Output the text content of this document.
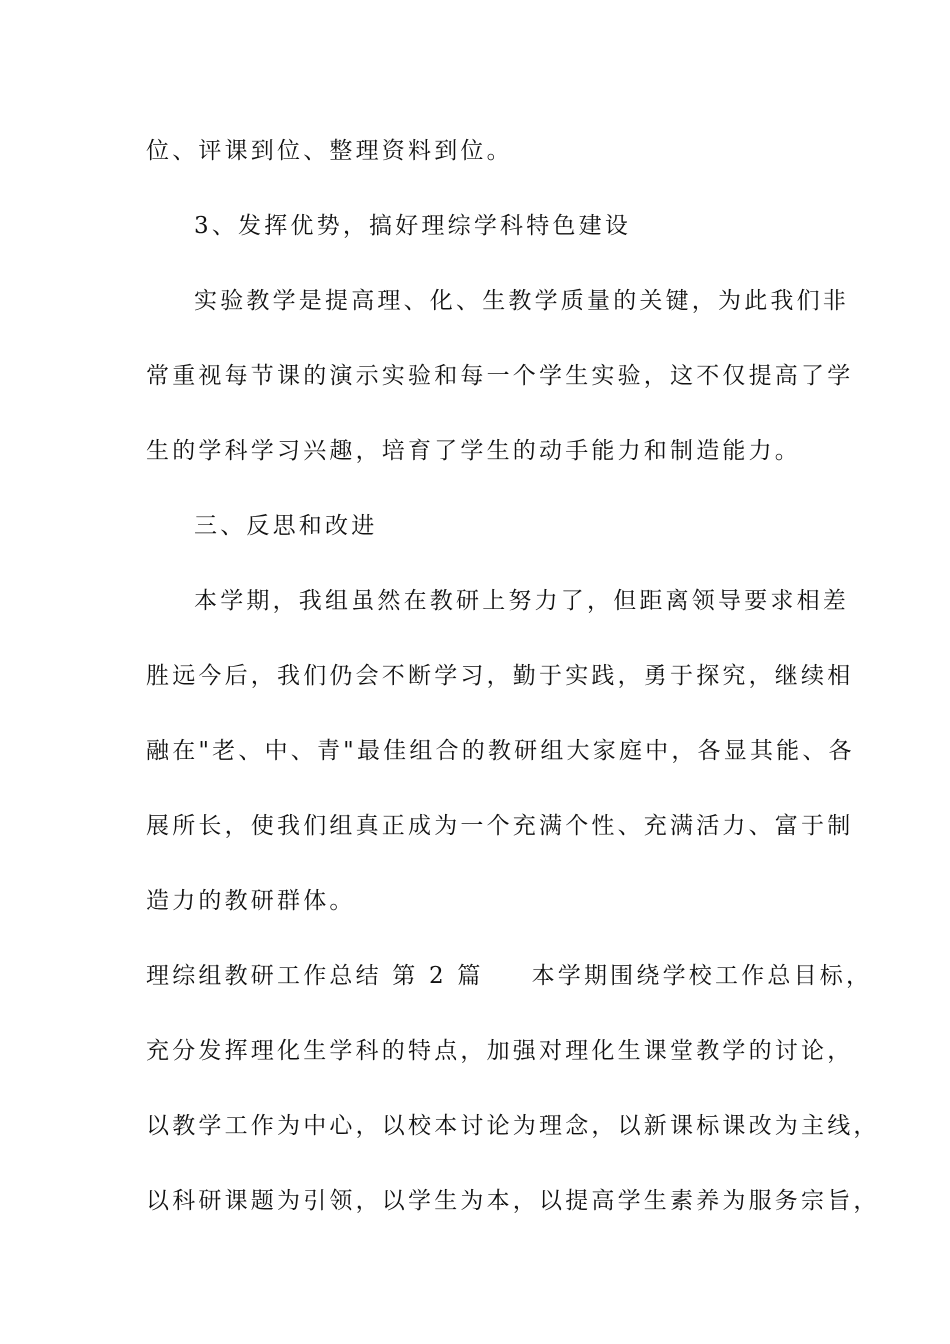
位、评课到位、整理资料到位。
3、发挥优势，搞好理综学科特色建设
实验教学是提高理、化、生教学质量的关键，为此我们非
常重视每节课的演示实验和每一个学生实验，这不仅提高了学
生的学科学习兴趣，培育了学生的动手能力和制造能力。
三、反思和改进
本学期，我组虽然在教研上努力了，但距离领导要求相差
胜远今后，我们仍会不断学习，勤于实践，勇于探究，继续相
融在"老、中、青"最佳组合的教研组大家庭中，各显其能、各
展所长，使我们组真正成为一个充满个性、充满活力、富于制
造力的教研群体。
理综组教研工作总结 第 2 篇 本学期围绕学校工作总目标，
充分发挥理化生学科的特点，加强对理化生课堂教学的讨论，
以教学工作为中心，以校本讨论为理念，以新课标课改为主线，
以科研课题为引领，以学生为本，以提高学生素养为服务宗旨，
